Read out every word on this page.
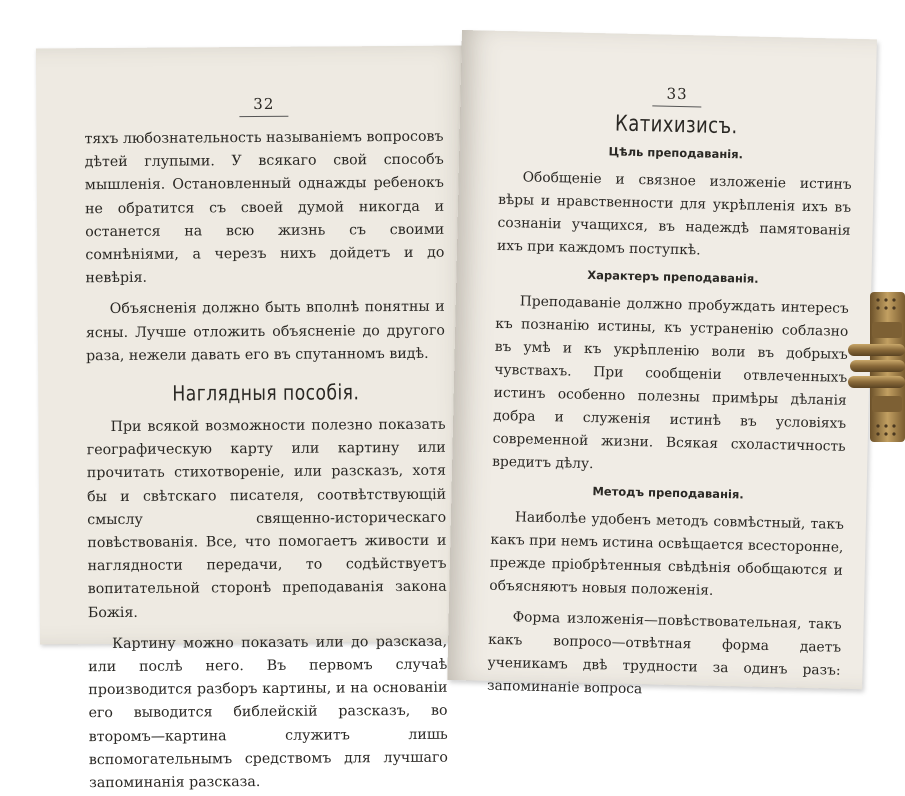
32

тяхъ любознательность называніемъ вопросовъ дѣтей глупыми. У всякаго свой способъ мышленія. Остановленный однажды ребенокъ не обратится съ своей думой никогда и останется на всю жизнь съ своими сомнѣніями, а черезъ нихъ дойдетъ и до невѣрія.

Объясненія должно быть вполнѣ понятны и ясны. Лучше отложить объясненіе до другого раза, нежели давать его въ спутанномъ видѣ.

Наглядныя пособія.

При всякой возможности полезно показать географическую карту или картину или прочитать стихотвореніе, или разсказъ, хотя бы и свѣтскаго писателя, соотвѣтствующій смыслу священно-историческаго повѣствованія. Все, что помогаетъ живости и наглядности передачи, то содѣйствуетъ вопитательной сторонѣ преподаванія закона Божія.

Картину можно показать или до разсказа, или послѣ него. Въ первомъ случаѣ производится разборъ картины, и на основаніи его выводится библейскій разсказъ, во второмъ—картина служитъ лишь вспомогательнымъ средствомъ для лучшаго запоминанія разсказа.

33
Катихизисъ.
Цѣль преподаванія.

Обобщеніе и связное изложеніе истинъ вѣры и нравственности для укрѣпленія ихъ въ сознаніи учащихся, въ надеждѣ памятованія ихъ при каждомъ поступкѣ.

Характеръ преподаванія.

Преподаваніе должно пробуждать интересъ къ познанію истины, къ устраненію соблазно въ умѣ и къ укрѣпленію воли въ добрыхъ чувствахъ. При сообщеніи отвлеченныхъ истинъ особенно полезны примѣры дѣланія добра и служенія истинѣ въ условіяхъ современной жизни. Всякая схоластичность вредитъ дѣлу.

Методъ преподаванія.

Наиболѣе удобенъ методъ совмѣстный, такъ какъ при немъ истина освѣщается всесторонне, прежде пріобрѣтенныя свѣдѣнія обобщаются и объясняютъ новыя положенія.

Форма изложенія—повѣствовательная, такъ какъ вопросо—отвѣтная форма даетъ ученикамъ двѣ трудности за одинъ разъ: запоминаніе вопроса
